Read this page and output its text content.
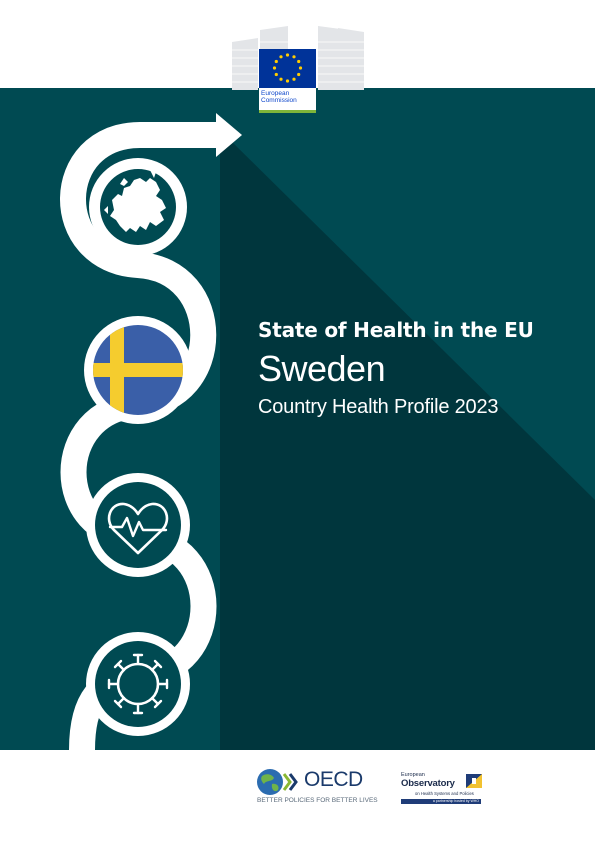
European
Commission
State of Health in the EU
Sweden
Country Health Profile 2023
OECD
BETTER POLICIES FOR BETTER LIVES
European
Observatory
on Health Systems and Policies
a partnership hosted by WHO
